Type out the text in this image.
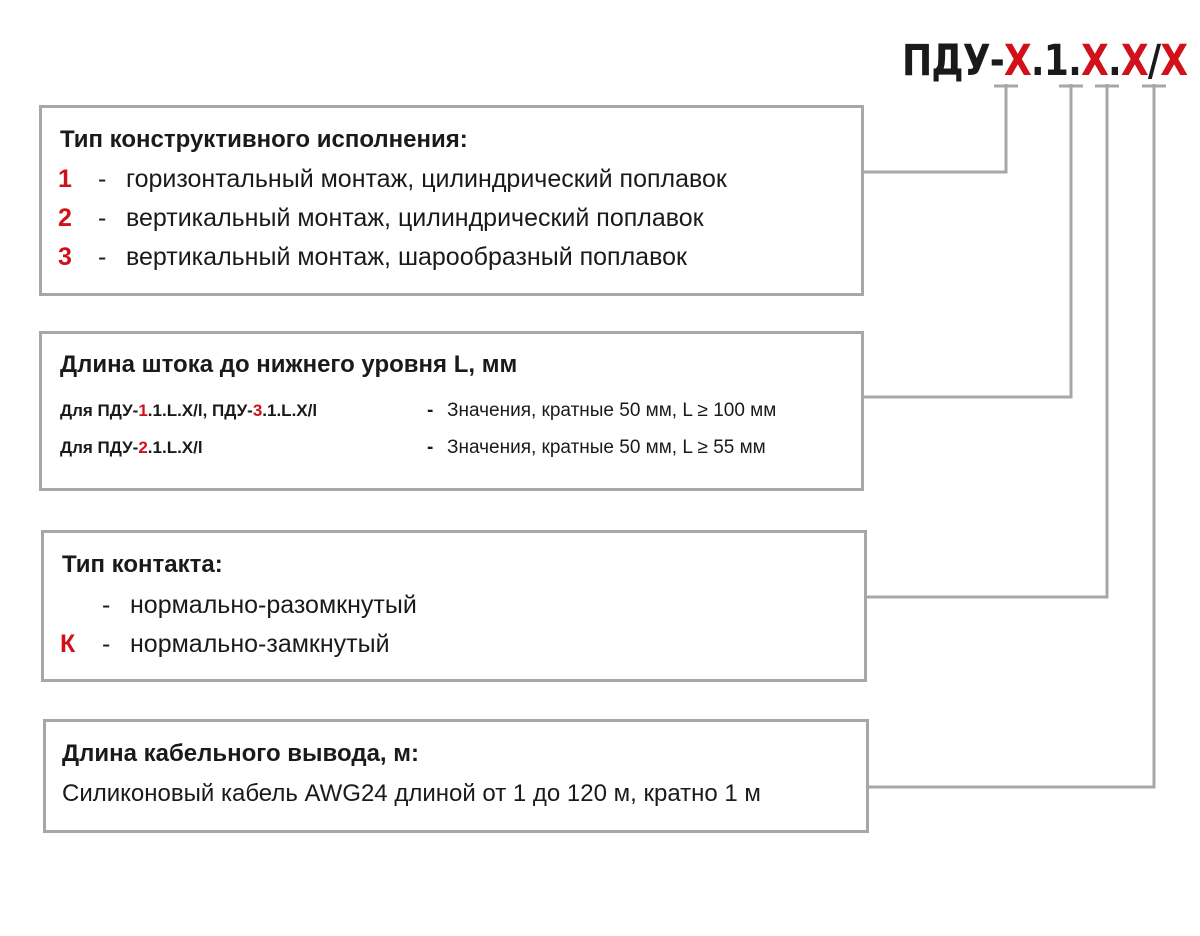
ПДУ-Х.1.Х.Х/Х
Тип конструктивного исполнения:
1 - горизонтальный монтаж, цилиндрический поплавок
2 - вертикальный монтаж, цилиндрический поплавок
3 - вертикальный монтаж, шарообразный поплавок
Длина штока до нижнего уровня L, мм
Для ПДУ-1.1.L.Х/l, ПДУ-3.1.L.Х/l	- Значения, кратные 50 мм, L ≥ 100 мм
Для ПДУ-2.1.L.Х/l	- Значения, кратные 50 мм, L ≥ 55 мм
Тип контакта:
- нормально-разомкнутый
К - нормально-замкнутый
Длина кабельного вывода, м:
Силиконовый кабель AWG24 длиной от 1 до 120 м, кратно 1 м
